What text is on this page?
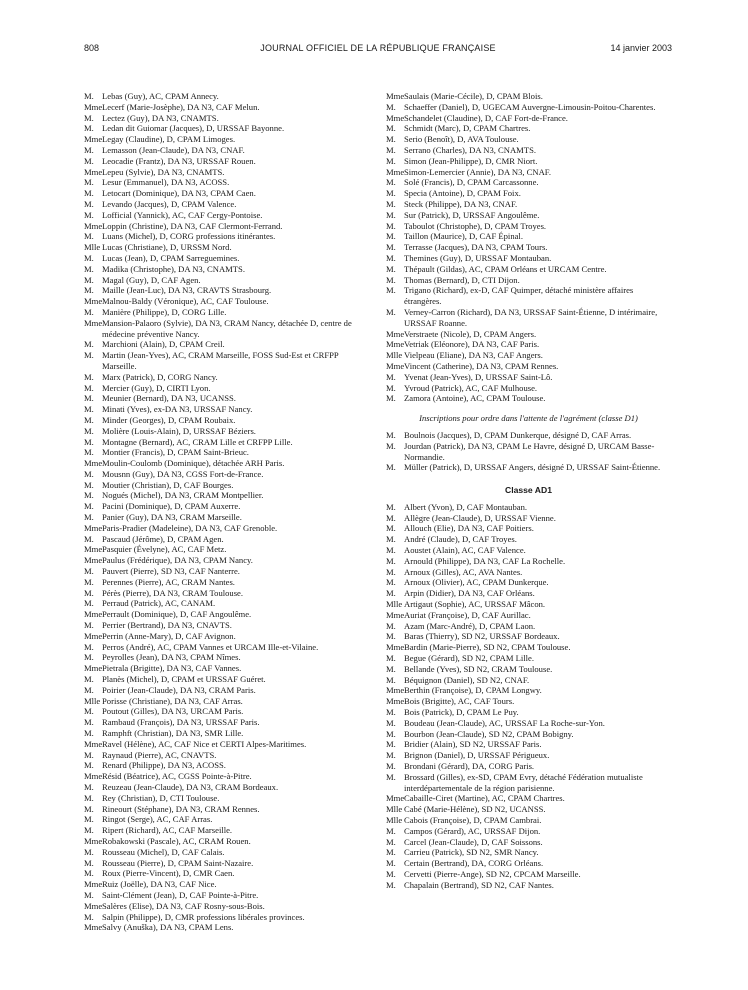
808	JOURNAL OFFICIEL DE LA RÉPUBLIQUE FRANÇAISE	14 janvier 2003
M. Lebas (Guy), AC, CPAM Annecy.
Mme Lecerf (Marie-Josèphe), DA N3, CAF Melun.
M. Lectez (Guy), DA N3, CNAMTS.
M. Ledan dit Guiomar (Jacques), D, URSSAF Bayonne.
Mme Legay (Claudine), D, CPAM Limoges.
M. Lemasson (Jean-Claude), DA N3, CNAF.
M. Leocadie (Frantz), DA N3, URSSAF Rouen.
Mme Lepeu (Sylvie), DA N3, CNAMTS.
M. Lesur (Emmanuel), DA N3, ACOSS.
M. Letocart (Dominique), DA N3, CPAM Caen.
M. Levando (Jacques), D, CPAM Valence.
M. Lofficial (Yannick), AC, CAF Cergy-Pontoise.
Mme Loppin (Christine), DA N3, CAF Clermont-Ferrand.
M. Luans (Michel), D, CORG professions itinérantes.
Mlle Lucas (Christiane), D, URSSM Nord.
M. Lucas (Jean), D, CPAM Sarreguemines.
M. Madika (Christophe), DA N3, CNAMTS.
M. Magal (Guy), D, CAF Agen.
M. Maille (Jean-Luc), DA N3, CRAVTS Strasbourg.
Mme Malnou-Baldy (Véronique), AC, CAF Toulouse.
M. Manière (Philippe), D, CORG Lille.
Mme Mansion-Palaoro (Sylvie), DA N3, CRAM Nancy, détachée D, centre de médecine préventive Nancy.
M. Marchioni (Alain), D, CPAM Creil.
M. Martin (Jean-Yves), AC, CRAM Marseille, FOSS Sud-Est et CRFPP Marseille.
M. Marx (Patrick), D, CORG Nancy.
M. Mercier (Guy), D, CIRTI Lyon.
M. Meunier (Bernard), DA N3, UCANSS.
M. Minati (Yves), ex-DA N3, URSSAF Nancy.
M. Minder (Georges), D, CPAM Roubaix.
M. Molière (Louis-Alain), D, URSSAF Béziers.
M. Montagne (Bernard), AC, CRAM Lille et CRFPP Lille.
M. Montier (Francis), D, CPAM Saint-Brieuc.
Mme Moulin-Coulomb (Dominique), détachée ARH Paris.
M. Mousnn (Guy), DA N3, CGSS Fort-de-France.
M. Moutier (Christian), D, CAF Bourges.
M. Nogués (Michel), DA N3, CRAM Montpellier.
M. Pacini (Dominique), D, CPAM Auxerre.
M. Panier (Guy), DA N3, CRAM Marseille.
Mme Paris-Pradier (Madeleine), DA N3, CAF Grenoble.
M. Pascaud (Jérôme), D, CPAM Agen.
Mme Pasquier (Évelyne), AC, CAF Metz.
Mme Paulus (Frédérique), DA N3, CPAM Nancy.
M. Pauvert (Pierre), SD N3, CAF Nanterre.
M. Perennes (Pierre), AC, CRAM Nantes.
M. Pérès (Pierre), DA N3, CRAM Toulouse.
M. Perraud (Patrick), AC, CANAM.
Mme Perrault (Dominique), D, CAF Angoulême.
M. Perrier (Bertrand), DA N3, CNAVTS.
Mme Perrin (Anne-Mary), D, CAF Avignon.
M. Perros (André), AC, CPAM Vannes et URCAM Ille-et-Vilaine.
M. Peyrolles (Jean), DA N3, CPAM Nîmes.
Mme Pietrala (Brigitte), DA N3, CAF Vannes.
M. Planès (Michel), D, CPAM et URSSAF Guéret.
M. Poirier (Jean-Claude), DA N3, CRAM Paris.
Mlle Porisse (Christiane), DA N3, CAF Arras.
M. Poutout (Gilles), DA N3, URCAM Paris.
M. Rambaud (François), DA N3, URSSAF Paris.
M. Ramphft (Christian), DA N3, SMR Lille.
Mme Ravel (Hélène), AC, CAF Nice et CERTI Alpes-Maritimes.
M. Raynaud (Pierre), AC, CNAVTS.
M. Renard (Philippe), DA N3, ACOSS.
Mme Résid (Béatrice), AC, CGSS Pointe-à-Pitre.
M. Reuzeau (Jean-Claude), DA N3, CRAM Bordeaux.
M. Rey (Christian), D, CTI Toulouse.
M. Rineourt (Stéphane), DA N3, CRAM Rennes.
M. Ringot (Serge), AC, CAF Arras.
M. Ripert (Richard), AC, CAF Marseille.
Mme Robakowski (Pascale), AC, CRAM Rouen.
M. Rousseau (Michel), D, CAF Calais.
M. Rousseau (Pierre), D, CPAM Saint-Nazaire.
M. Roux (Pierre-Vincent), D, CMR Caen.
Mme Ruiz (Joëlle), DA N3, CAF Nice.
M. Saint-Clément (Jean), D, CAF Pointe-à-Pitre.
Mme Salères (Elise), DA N3, CAF Rosny-sous-Bois.
M. Salpin (Philippe), D, CMR professions libérales provinces.
Mme Salvy (Anuška), DA N3, CPAM Lens.
Mme Saulais (Marie-Cécile), D, CPAM Blois.
M. Schaeffer (Daniel), D, UGECAM Auvergne-Limousin-Poitou-Charentes.
Mme Schandelet (Claudine), D, CAF Fort-de-France.
M. Schmidt (Marc), D, CPAM Chartres.
M. Serio (Benoît), D, AVA Toulouse.
M. Serrano (Charles), DA N3, CNAMTS.
M. Simon (Jean-Philippe), D, CMR Niort.
Mme Simon-Lemercier (Annie), DA N3, CNAF.
M. Solé (Francis), D, CPAM Carcassonne.
M. Specia (Antoine), D, CPAM Foix.
M. Steck (Philippe), DA N3, CNAF.
M. Sur (Patrick), D, URSSAF Angoulême.
M. Taboulot (Christophe), D, CPAM Troyes.
M. Taillon (Maurice), D, CAF Épinal.
M. Terrasse (Jacques), DA N3, CPAM Tours.
M. Themines (Guy), D, URSSAF Montauban.
M. Thépault (Gildas), AC, CPAM Orléans et URCAM Centre.
M. Thomas (Bernard), D, CTI Dijon.
M. Trigano (Richard), ex-D, CAF Quimper, détaché ministère affaires étrangères.
M. Verney-Carron (Richard), DA N3, URSSAF Saint-Étienne, D intérimaire, URSSAF Roanne.
Mme Verstraete (Nicole), D, CPAM Angers.
Mme Vetriak (Eléonore), DA N3, CAF Paris.
Mlle Vielpeau (Eliane), DA N3, CAF Angers.
Mme Vincent (Catherine), DA N3, CPAM Rennes.
M. Yvenat (Jean-Yves), D, URSSAF Saint-Lô.
M. Yvroud (Patrick), AC, CAF Mulhouse.
M. Zamora (Antoine), AC, CPAM Toulouse.
Inscriptions pour ordre dans l'attente de l'agrément (classe D1)
M. Boulnois (Jacques), D, CPAM Dunkerque, désigné D, CAF Arras.
M. Jourdan (Patrick), DA N3, CPAM Le Havre, désigné D, URCAM Basse-Normandie.
M. Müller (Patrick), D, URSSAF Angers, désigné D, URSSAF Saint-Étienne.
Classe AD1
M. Albert (Yvon), D, CAF Montauban.
M. Allègre (Jean-Claude), D, URSSAF Vienne.
M. Allouch (Elie), DA N3, CAF Poitiers.
M. André (Claude), D, CAF Troyes.
M. Aoustet (Alain), AC, CAF Valence.
M. Arnould (Philippe), DA N3, CAF La Rochelle.
M. Arnoux (Gilles), AC, AVA Nantes.
M. Arnoux (Olivier), AC, CPAM Dunkerque.
M. Arpin (Didier), DA N3, CAF Orléans.
Mlle Artigaut (Sophie), AC, URSSAF Mâcon.
Mme Auriat (Françoise), D, CAF Aurillac.
M. Azam (Marc-André), D, CPAM Laon.
M. Baras (Thierry), SD N2, URSSAF Bordeaux.
Mme Bardin (Marie-Pierre), SD N2, CPAM Toulouse.
M. Begue (Gérard), SD N2, CPAM Lille.
M. Bellande (Yves), SD N2, CRAM Toulouse.
M. Béquignon (Daniel), SD N2, CNAF.
Mme Berthin (Françoise), D, CPAM Longwy.
Mme Bois (Brigitte), AC, CAF Tours.
M. Bois (Patrick), D, CPAM Le Puy.
M. Boudeau (Jean-Claude), AC, URSSAF La Roche-sur-Yon.
M. Bourbon (Jean-Claude), SD N2, CPAM Bobigny.
M. Bridier (Alain), SD N2, URSSAF Paris.
M. Brignon (Daniel), D, URSSAF Périgueux.
M. Brondani (Gérard), DA, CORG Paris.
M. Brossard (Gilles), ex-SD, CPAM Evry, détaché Fédération mutualiste interdépartementale de la région parisienne.
Mme Cabaille-Ciret (Martine), AC, CPAM Chartres.
Mlle Cabé (Marie-Hélène), SD N2, UCANSS.
Mlle Cabois (Françoise), D, CPAM Cambrai.
M. Campos (Gérard), AC, URSSAF Dijon.
M. Carcel (Jean-Claude), D, CAF Soissons.
M. Carrieu (Patrick), SD N2, SMR Nancy.
M. Certain (Bertrand), DA, CORG Orléans.
M. Cervetti (Pierre-Ange), SD N2, CPCAM Marseille.
M. Chapalain (Bertrand), SD N2, CAF Nantes.
